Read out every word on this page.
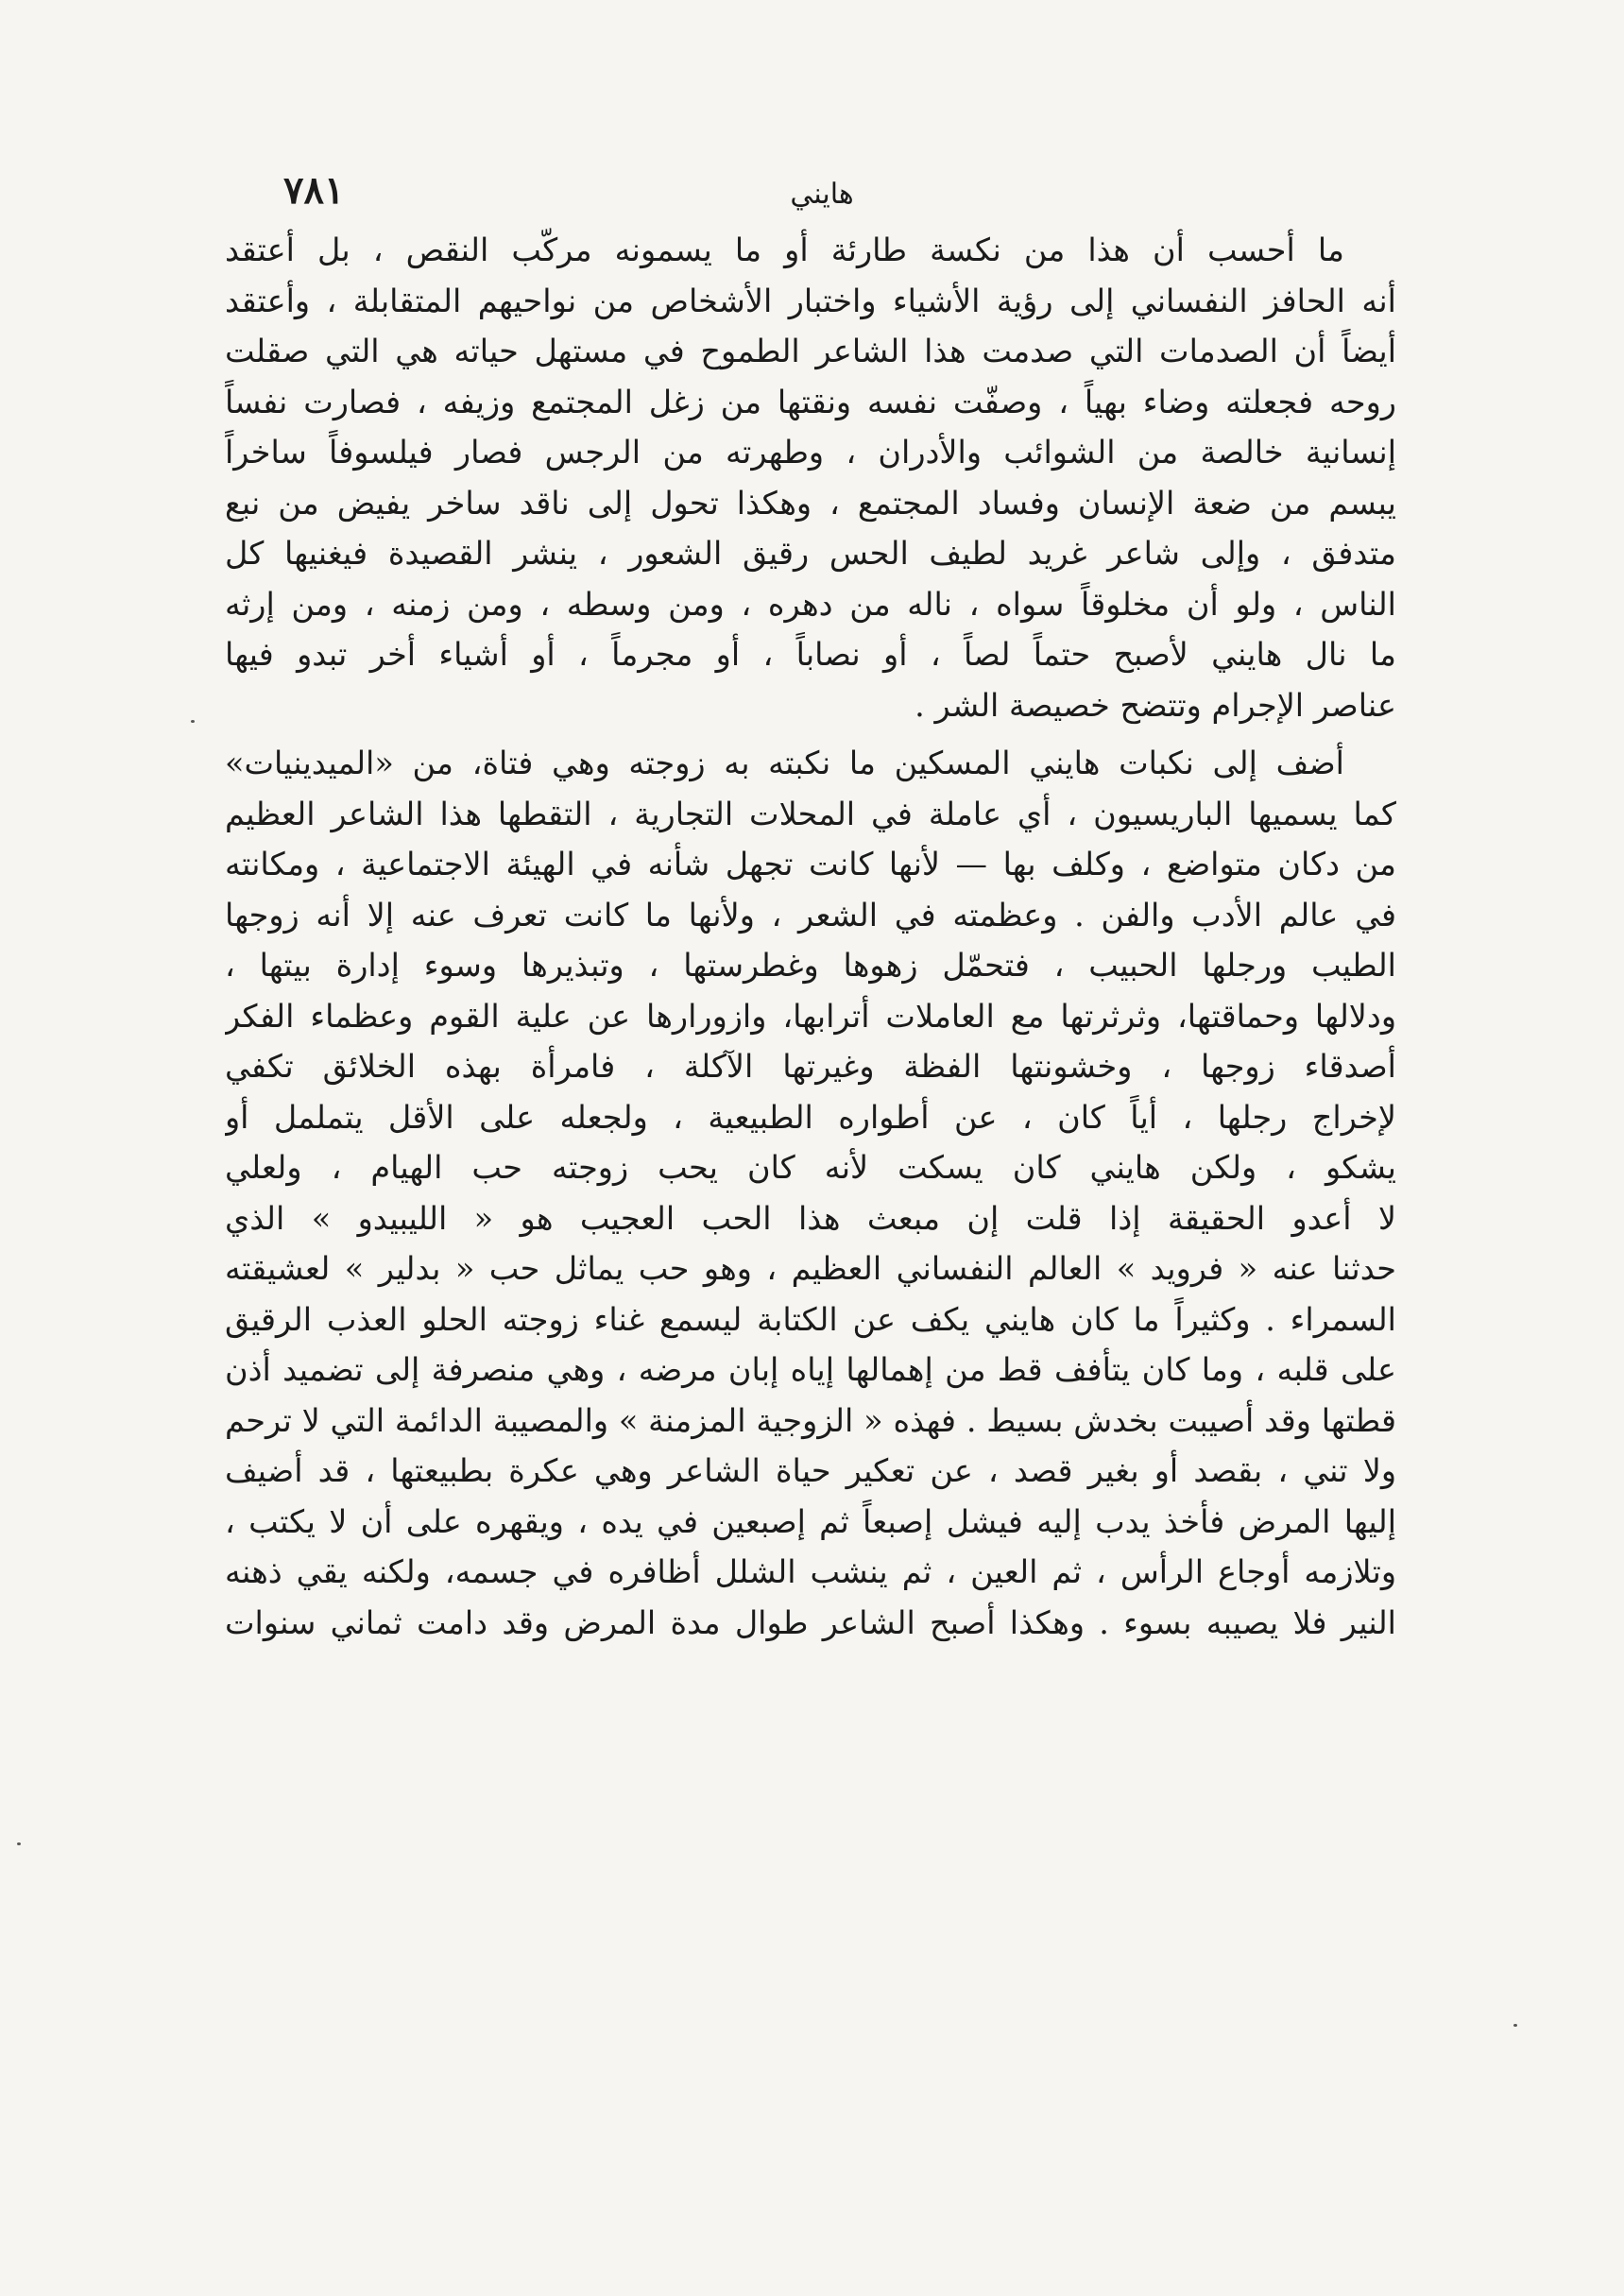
٧٨١	هايني
ما أحسب أن هذا من نكسة طارئة أو ما يسمونه مركّب النقص ، بل أعتقد
أنه الحافز النفساني إلى رؤية الأشياء واختبار الأشخاص من نواحيهم المتقابلة ، وأعتقد
أيضاً أن الصدمات التي صدمت هذا الشاعر الطموح في مستهل حياته هي التي صقلت
روحه فجعلته وضاء بهياً ، وصفّت نفسه ونقتها من زغل المجتمع وزيفه ، فصارت نفساً
إنسانية خالصة من الشوائب والأدران ، وطهرته من الرجس فصار فيلسوفاً ساخراً
يبسم من ضعة الإنسان وفساد المجتمع ، وهكذا تحول إلى ناقد ساخر يفيض من نبع
متدفق ، وإلى شاعر غريد لطيف الحس رقيق الشعور ، ينشر القصيدة فيغنيها كل
الناس ، ولو أن مخلوقاً سواه ، ناله من دهره ، ومن وسطه ، ومن زمنه ، ومن إرثه
ما نال هايني لأصبح حتماً لصاً ، أو نصاباً ، أو مجرماً ، أو أشياء أخر تبدو فيها
عناصر الإجرام وتتضح خصيصة الشر .
أضف إلى نكبات هايني المسكين ما نكبته به زوجته وهي فتاة، من «الميدينيات»
كما يسميها الباريسيون ، أي عاملة في المحلات التجارية ، التقطها هذا الشاعر العظيم
من دكان متواضع ، وكلف بها — لأنها كانت تجهل شأنه في الهيئة الاجتماعية ، ومكانته
في عالم الأدب والفن . وعظمته في الشعر ، ولأنها ما كانت تعرف عنه إلا أنه زوجها
الطيب ورجلها الحبيب ، فتحمّل زهوها وغطرستها ، وتبذيرها وسوء إدارة بيتها ،
ودلالها وحماقتها، وثرثرتها مع العاملات أترابها، وازورارها عن علية القوم وعظماء الفكر
أصدقاء زوجها ، وخشونتها الفظة وغيرتها الآكلة ، فامرأة بهذه الخلائق تكفي
لإخراج رجلها ، أياً كان ، عن أطواره الطبيعية ، ولجعله على الأقل يتململ أو
يشكو ، ولكن هايني كان يسكت لأنه كان يحب زوجته حب الهيام ، ولعلي
لا أعدو الحقيقة إذا قلت إن مبعث هذا الحب العجيب هو « الليبيدو » الذي
حدثنا عنه « فرويد » العالم النفساني العظيم ، وهو حب يماثل حب « بدلير » لعشيقته
السمراء . وكثيراً ما كان هايني يكف عن الكتابة ليسمع غناء زوجته الحلو العذب الرقيق
على قلبه ، وما كان يتأفف قط من إهمالها إياه إبان مرضه ، وهي منصرفة إلى تضميد أذن
قطتها وقد أصيبت بخدش بسيط . فهذه « الزوجية المزمنة » والمصيبة الدائمة التي لا ترحم
ولا تني ، بقصد أو بغير قصد ، عن تعكير حياة الشاعر وهي عكرة بطبيعتها ، قد أضيف
إليها المرض فأخذ يدب إليه فيشل إصبعاً ثم إصبعين في يده ، ويقهره على أن لا يكتب ،
وتلازمه أوجاع الرأس ، ثم العين ، ثم ينشب الشلل أظافره في جسمه، ولكنه يقي ذهنه
النير فلا يصيبه بسوء . وهكذا أصبح الشاعر طوال مدة المرض وقد دامت ثماني سنوات
